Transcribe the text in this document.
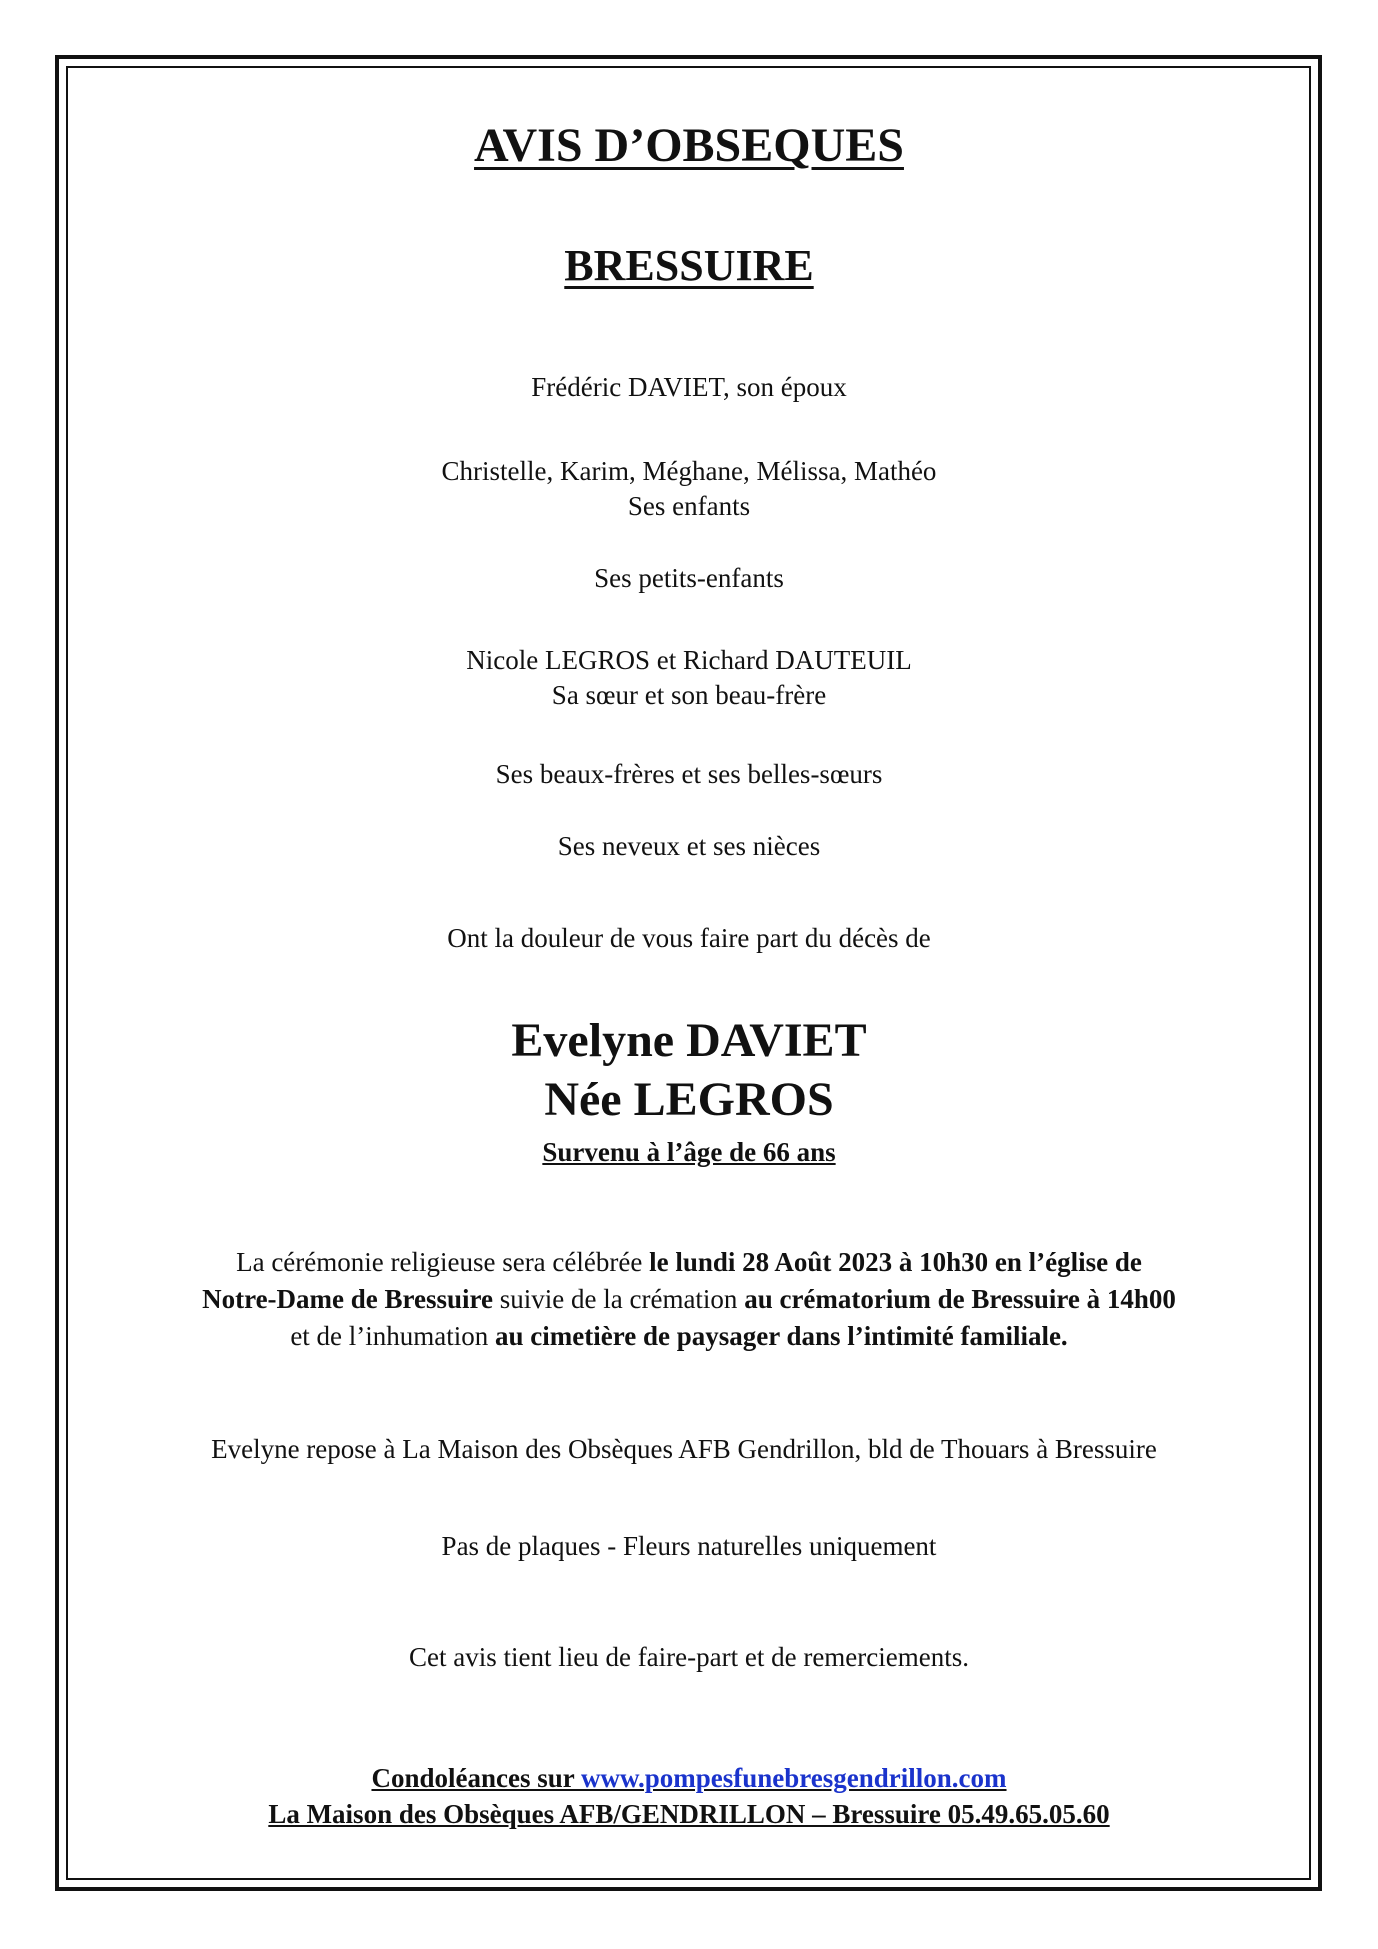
AVIS D’OBSEQUES
BRESSUIRE
Frédéric DAVIET, son époux
Christelle, Karim, Méghane, Mélissa, Mathéo
Ses enfants
Ses petits-enfants
Nicole LEGROS et Richard DAUTEUIL
Sa sœur et son beau-frère
Ses beaux-frères et ses belles-sœurs
Ses neveux et ses nièces
Ont la douleur de vous faire part du décès de
Evelyne DAVIET
Née LEGROS
Survenu à l’âge de 66 ans
La cérémonie religieuse sera célébrée le lundi 28 Août 2023 à 10h30 en l’église de
Notre-Dame de Bressuire suivie de la crémation au crématorium de Bressuire à 14h00
et de l’inhumation au cimetière de paysager dans l’intimité familiale.
Evelyne repose à La Maison des Obsèques AFB Gendrillon, bld de Thouars à Bressuire
Pas de plaques - Fleurs naturelles uniquement
Cet avis tient lieu de faire-part et de remerciements.
Condoléances sur www.pompesfunebresgendrillon.com
La Maison des Obsèques AFB/GENDRILLON – Bressuire 05.49.65.05.60
